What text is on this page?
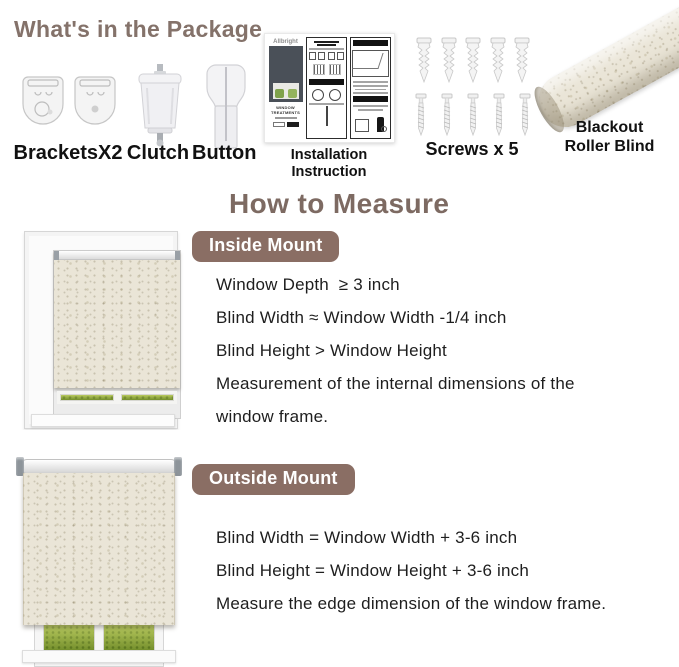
What's in the Package Allbright
WINDOW TREATMENTS
BracketsX2 Clutch Button	Installation
Instruction
Screws x 5
Blackout
Roller Blind
How to Measure
Inside Mount
Window Depth  ≥ 3 inch
Blind Width ≈ Window Width -1/4 inch
Blind Height > Window Height
Measurement of the internal dimensions of the
window frame.
Outside Mount
Blind Width = Window Width + 3-6 inch
Blind Height = Window Height + 3-6 inch
Measure the edge dimension of the window frame.
